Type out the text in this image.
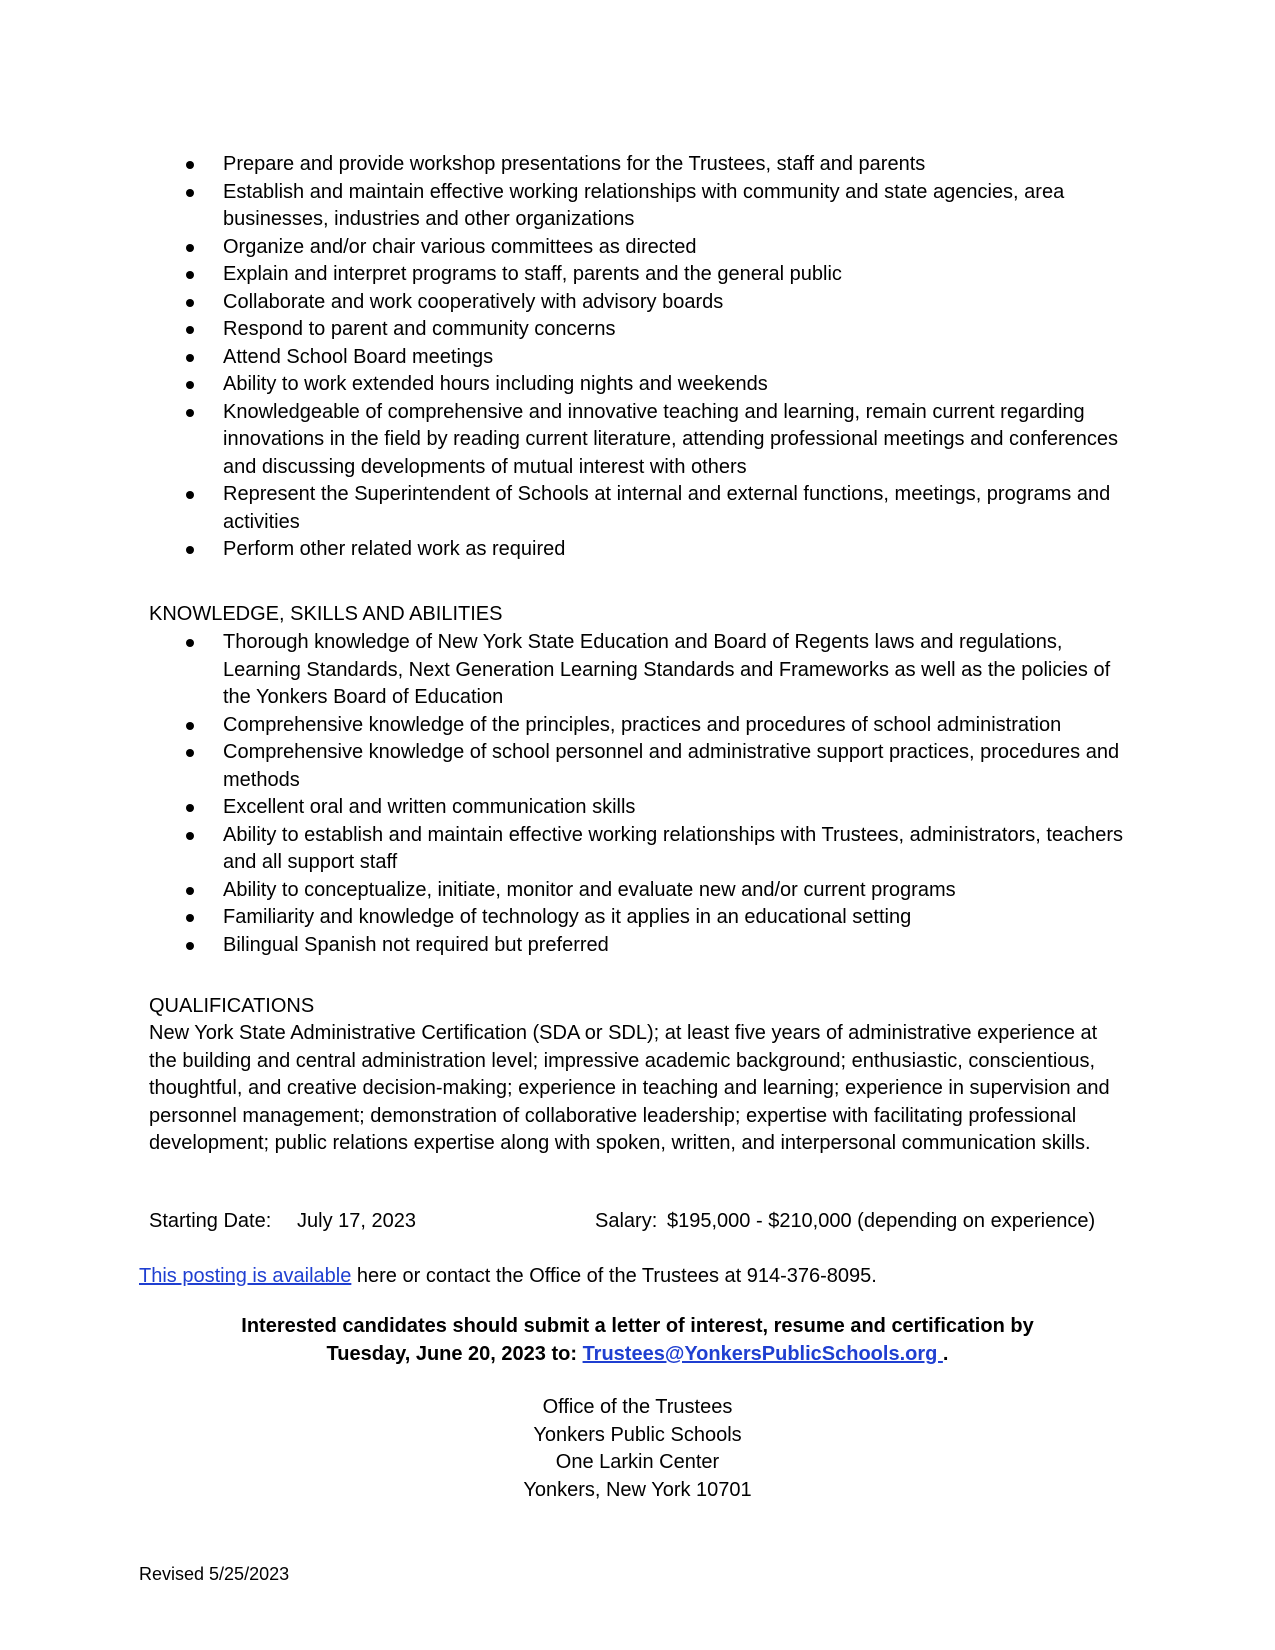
Prepare and provide workshop presentations for the Trustees, staff and parents
Establish and maintain effective working relationships with community and state agencies, area businesses, industries and other organizations
Organize and/or chair various committees as directed
Explain and interpret programs to staff, parents and the general public
Collaborate and work cooperatively with advisory boards
Respond to parent and community concerns
Attend School Board meetings
Ability to work extended hours including nights and weekends
Knowledgeable of comprehensive and innovative teaching and learning, remain current regarding innovations in the field by reading current literature, attending professional meetings and conferences and discussing developments of mutual interest with others
Represent the Superintendent of Schools at internal and external functions, meetings, programs and activities
Perform other related work as required

KNOWLEDGE, SKILLS AND ABILITIES

Thorough knowledge of New York State Education and Board of Regents laws and regulations, Learning Standards, Next Generation Learning Standards and Frameworks as well as the policies of the Yonkers Board of Education
Comprehensive knowledge of the principles, practices and procedures of school administration
Comprehensive knowledge of school personnel and administrative support practices, procedures and methods
Excellent oral and written communication skills
Ability to establish and maintain effective working relationships with Trustees, administrators, teachers and all support staff
Ability to conceptualize, initiate, monitor and evaluate new and/or current programs
Familiarity and knowledge of technology as it applies in an educational setting
Bilingual Spanish not required but preferred

QUALIFICATIONS

New York State Administrative Certification (SDA or SDL); at least five years of administrative experience at the building and central administration level; impressive academic background; enthusiastic, conscientious, thoughtful, and creative decision-making; experience in teaching and learning; experience in supervision and personnel management; demonstration of collaborative leadership; expertise with facilitating professional development; public relations expertise along with spoken, written, and interpersonal communication skills.

Starting Date: July 17, 2023	Salary: $195,000 - $210,000 (depending on experience)

This posting is available here or contact the Office of the Trustees at 914-376-8095.

Interested candidates should submit a letter of interest, resume and certification by
Tuesday, June 20, 2023 to: Trustees@YonkersPublicSchools.org .

Office of the Trustees
Yonkers Public Schools
One Larkin Center
Yonkers, New York 10701

Revised 5/25/2023
